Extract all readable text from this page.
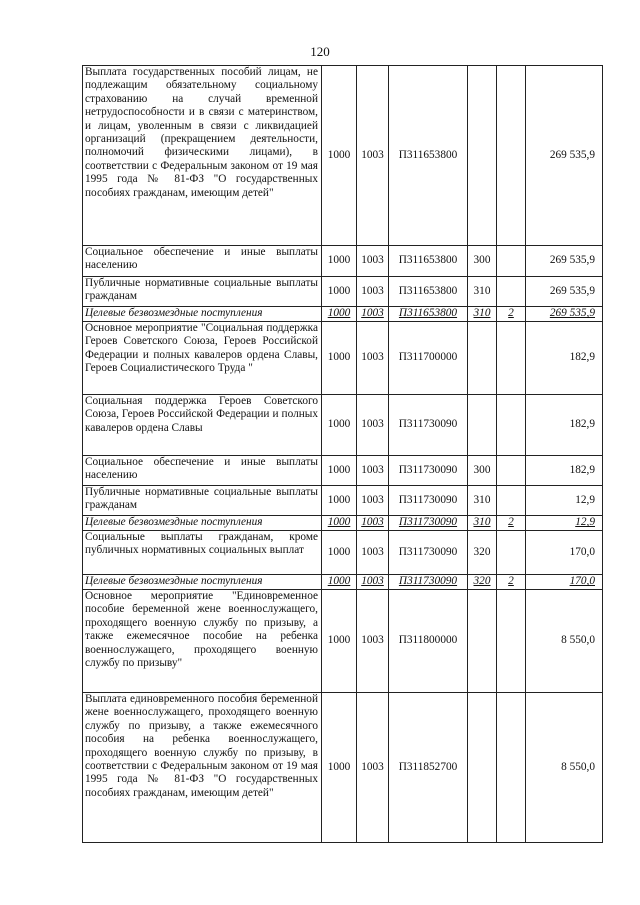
120
Выплата государственных пособий лицам, не подлежащим обязательному социальному страхованию на случай временной нетрудоспособности и в связи с материнством, и лицам, уволенным в связи с ликвидацией организаций (прекращением деятельности, полномочий физическими лицами), в соответствии с Федеральным законом от 19 мая 1995 года № 81-ФЗ "О государственных пособиях гражданам, имеющим детей"	1000	1003	П311653800			269 535,9
Социальное обеспечение и иные выплаты населению	1000	1003	П311653800	300		269 535,9
Публичные нормативные социальные выплаты гражданам	1000	1003	П311653800	310		269 535,9
Целевые безвозмездные поступления	1000	1003	П311653800	310	2	269 535,9
Основное мероприятие "Социальная поддержка Героев Советского Союза, Героев Российской Федерации и полных кавалеров ордена Славы, Героев Социалистического Труда "	1000	1003	П311700000			182,9
Социальная поддержка Героев Советского Союза, Героев Российской Федерации и полных кавалеров ордена Славы	1000	1003	П311730090			182,9
Социальное обеспечение и иные выплаты населению	1000	1003	П311730090	300		182,9
Публичные нормативные социальные выплаты гражданам	1000	1003	П311730090	310		12,9
Целевые безвозмездные поступления	1000	1003	П311730090	310	2	12,9
Социальные выплаты гражданам, кроме публичных нормативных социальных выплат	1000	1003	П311730090	320		170,0
Целевые безвозмездные поступления	1000	1003	П311730090	320	2	170,0
Основное мероприятие "Единовременное пособие беременной жене военнослужащего, проходящего военную службу по призыву, а также ежемесячное пособие на ребенка военнослужащего, проходящего военную службу по призыву"	1000	1003	П311800000			8 550,0
Выплата единовременного пособия беременной жене военнослужащего, проходящего военную службу по призыву, а также ежемесячного пособия на ребенка военнослужащего, проходящего военную службу по призыву, в соответствии с Федеральным законом от 19 мая 1995 года № 81-ФЗ "О государственных пособиях гражданам, имеющим детей"	1000	1003	П311852700			8 550,0
